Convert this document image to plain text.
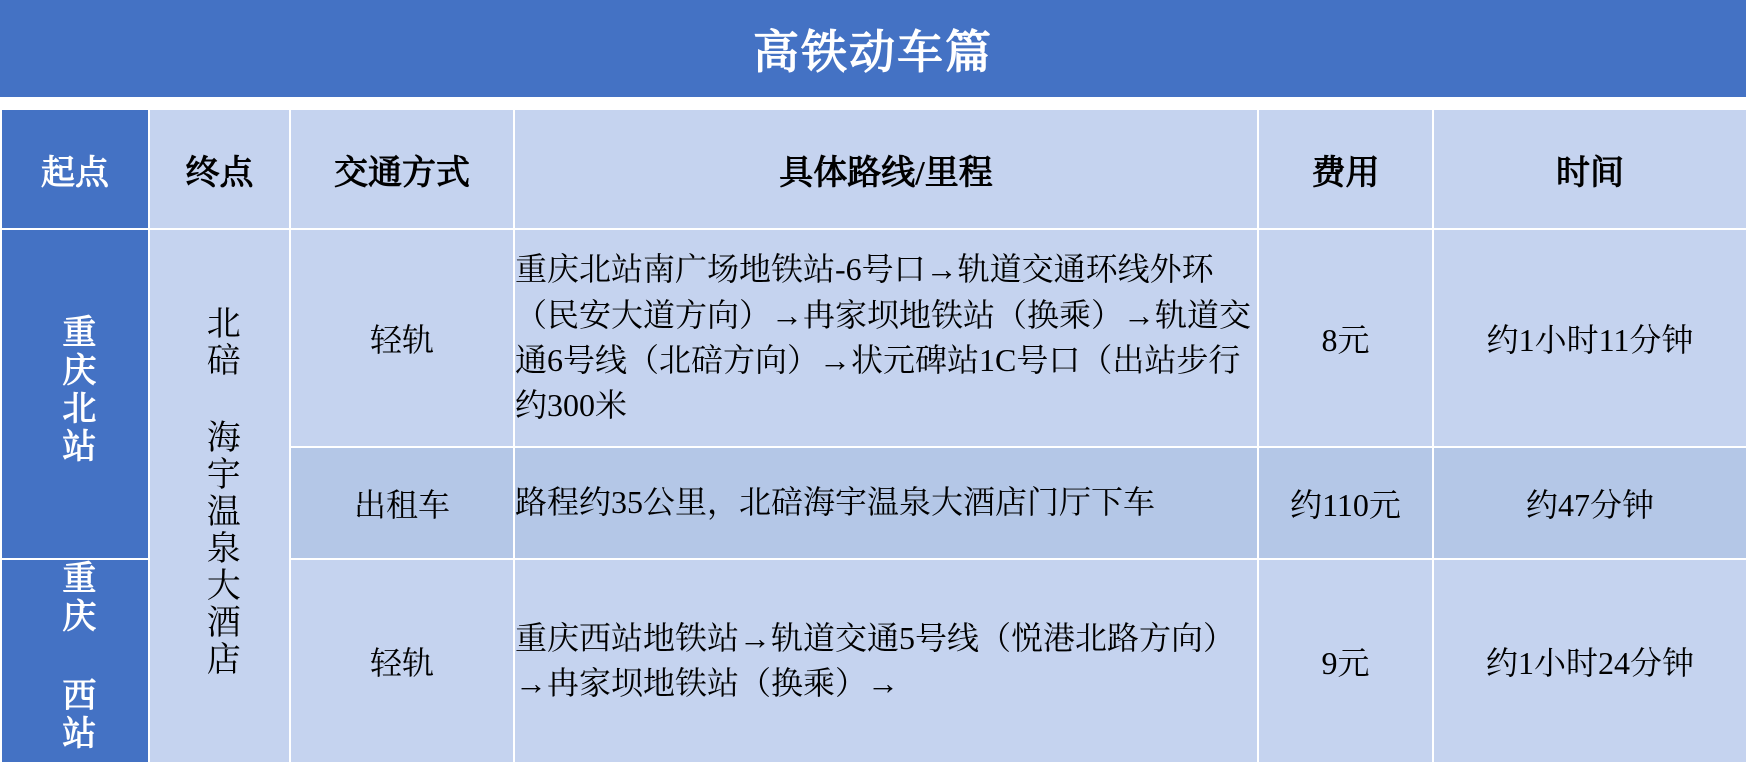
高铁动车篇
起点	终点	交通方式	具体路线/里程	费用	时间
重庆北站	北碚 海宇温泉大酒店	轻轨	重庆北站南广场地铁站-6号口→轨道交通环线外环（民安大道方向）→冉家坝地铁站（换乘）→轨道交通6号线（北碚方向）→状元碑站1C号口（出站步行约300米	8元	约1小时11分钟
		出租车	路程约35公里，北碚海宇温泉大酒店门厅下车	约110元	约47分钟
重庆 西站		轻轨	重庆西站地铁站→轨道交通5号线（悦港北路方向）→冉家坝地铁站（换乘）→	9元	约1小时24分钟
